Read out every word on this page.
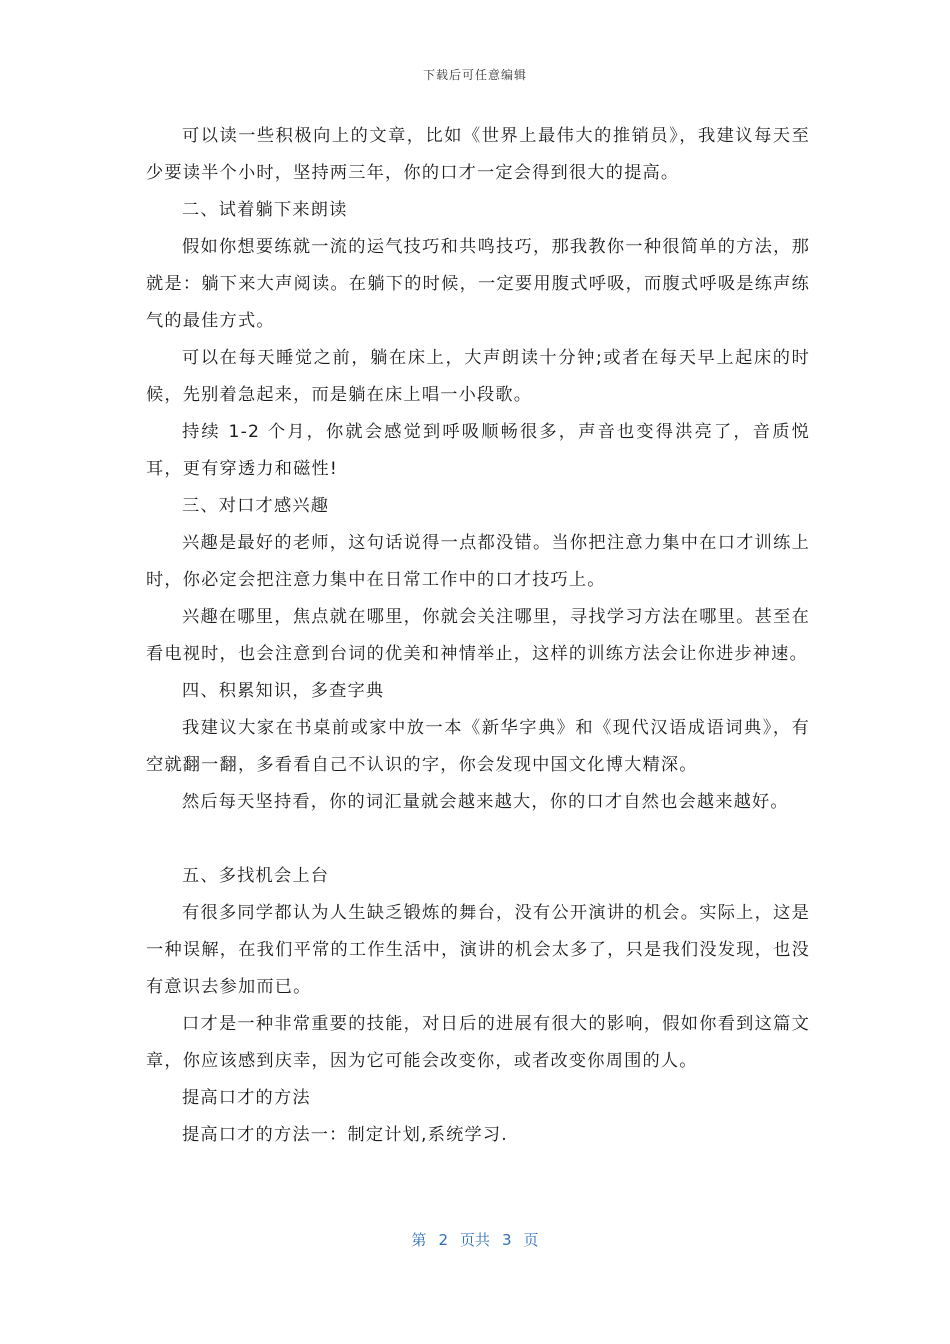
下载后可任意编辑

可以读一些积极向上的文章，比如《世界上最伟大的推销员》，我建议每天至少要读半个小时，坚持两三年，你的口才一定会得到很大的提高。

二、试着躺下来朗读

假如你想要练就一流的运气技巧和共鸣技巧，那我教你一种很简单的方法，那就是：躺下来大声阅读。在躺下的时候，一定要用腹式呼吸，而腹式呼吸是练声练气的最佳方式。

可以在每天睡觉之前，躺在床上，大声朗读十分钟;或者在每天早上起床的时候，先别着急起来，而是躺在床上唱一小段歌。

持续 1-2 个月，你就会感觉到呼吸顺畅很多，声音也变得洪亮了，音质悦耳，更有穿透力和磁性!

三、对口才感兴趣

兴趣是最好的老师，这句话说得一点都没错。当你把注意力集中在口才训练上时，你必定会把注意力集中在日常工作中的口才技巧上。

兴趣在哪里，焦点就在哪里，你就会关注哪里，寻找学习方法在哪里。甚至在看电视时，也会注意到台词的优美和神情举止，这样的训练方法会让你进步神速。

四、积累知识，多查字典

我建议大家在书桌前或家中放一本《新华字典》和《现代汉语成语词典》，有空就翻一翻，多看看自己不认识的字，你会发现中国文化博大精深。

然后每天坚持看，你的词汇量就会越来越大，你的口才自然也会越来越好。

五、多找机会上台

有很多同学都认为人生缺乏锻炼的舞台，没有公开演讲的机会。实际上，这是一种误解，在我们平常的工作生活中，演讲的机会太多了，只是我们没发现，也没有意识去参加而已。

口才是一种非常重要的技能，对日后的进展有很大的影响，假如你看到这篇文章，你应该感到庆幸，因为它可能会改变你，或者改变你周围的人。

提高口才的方法

提高口才的方法一：制定计划,系统学习.

第 2 页共 3 页
